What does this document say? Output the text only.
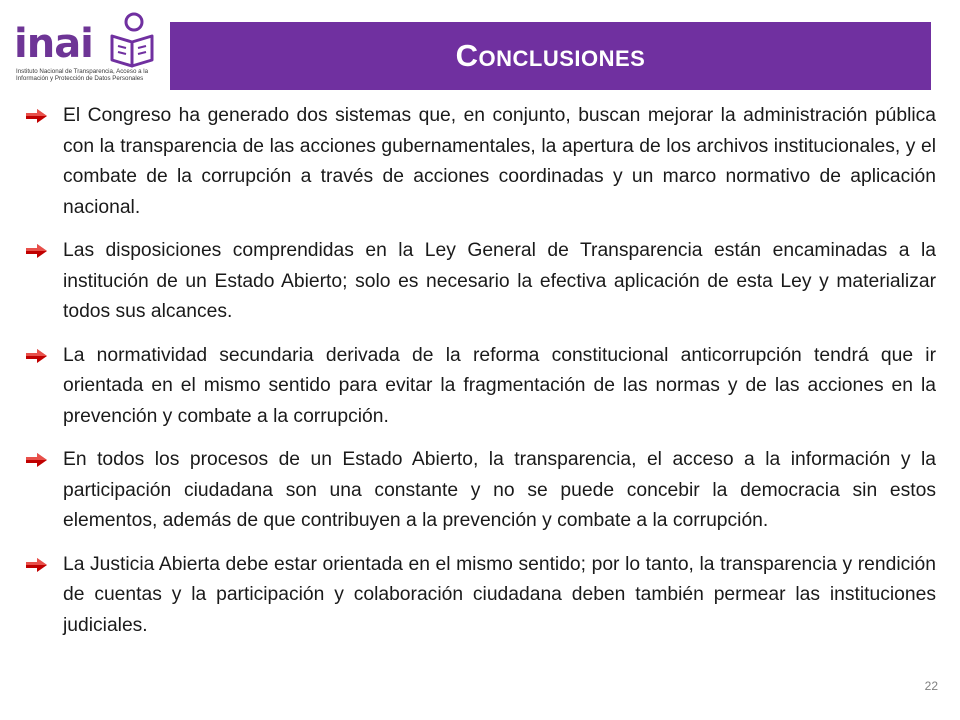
inai
Instituto Nacional de Transparencia, Acceso a la Información y Protección de Datos Personales
Conclusiones
El Congreso ha generado dos sistemas que, en conjunto, buscan mejorar la administración pública con la transparencia de las acciones gubernamentales, la apertura de los archivos institucionales, y el combate de la corrupción a través de acciones coordinadas y un marco normativo de aplicación nacional.
Las disposiciones comprendidas en la Ley General de Transparencia están encaminadas a la institución de un Estado Abierto; solo es necesario la efectiva aplicación de esta Ley y materializar todos sus alcances.
La normatividad secundaria derivada de la reforma constitucional anticorrupción tendrá que ir orientada en el mismo sentido para evitar la fragmentación de las normas y de las acciones en la prevención y combate a la corrupción.
En todos los procesos de un Estado Abierto, la transparencia, el acceso a la información y la participación ciudadana son una constante y no se puede concebir la democracia sin estos elementos, además de que contribuyen a la prevención y combate a la corrupción.
La Justicia Abierta debe estar orientada en el mismo sentido; por lo tanto, la transparencia y rendición de cuentas y la participación y colaboración ciudadana deben también permear las instituciones judiciales.
22
